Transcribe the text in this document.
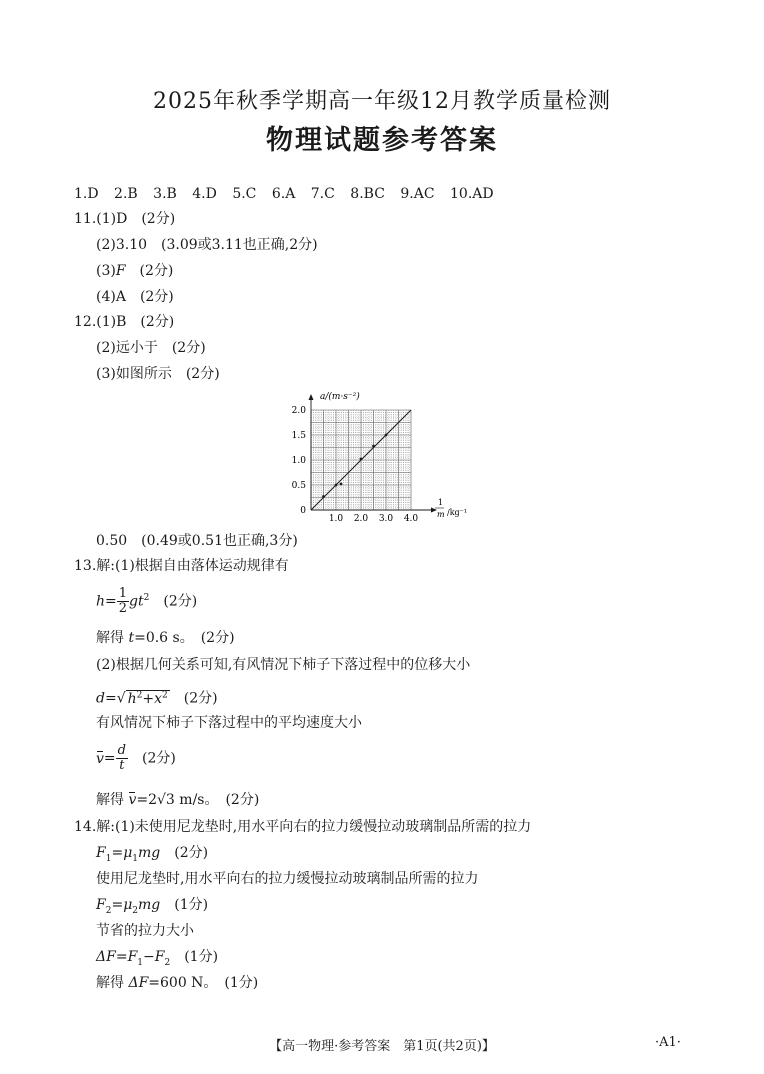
2025年秋季学期高一年级12月教学质量检测
物理试题参考答案
1.D 2.B 3.B 4.D 5.C 6.A 7.C 8.BC 9.AC 10.AD
11.(1)D　(2分)
(2)3.10　(3.09或3.11也正确,2分)
(3)F　(2分)
(4)A　(2分)
12.(1)B　(2分)
(2)远小于　(2分)
(3)如图所示　(2分)
1.0 2.0 3.0 4.0
0
0.5
1.0
1.5
2.0
a/(m·s⁻²)
1
m /kg⁻¹
0.50　(0.49或0.51也正确,3分)
13.解:(1)根据自由落体运动规律有
$h= \frac{1}{2} gt^2$　(2分)
解得 t=0.6 s。　(2分)
(2)根据几何关系可知,有风情况下柿子下落过程中的位移大小
d=√ $h^2+x^2$　(2分)
有风情况下柿子下落过程中的平均速度大小
$v= \frac{d}{t}$ 　(2分)
解得 v=2√3 m/s。　(2分)
14.解:(1)未使用尼龙垫时,用水平向右的拉力缓慢拉动玻璃制品所需的拉力
$F_1=\mu_1mg$　(2分)
使用尼龙垫时,用水平向右的拉力缓慢拉动玻璃制品所需的拉力
$F_2=\mu_2mg$　(1分)
节省的拉力大小
$\Delta F=F_1-F_2$　(1分)
解得 ΔF=600 N。　(1分)
【高一物理·参考答案　第1页(共2页)】	·A1·
